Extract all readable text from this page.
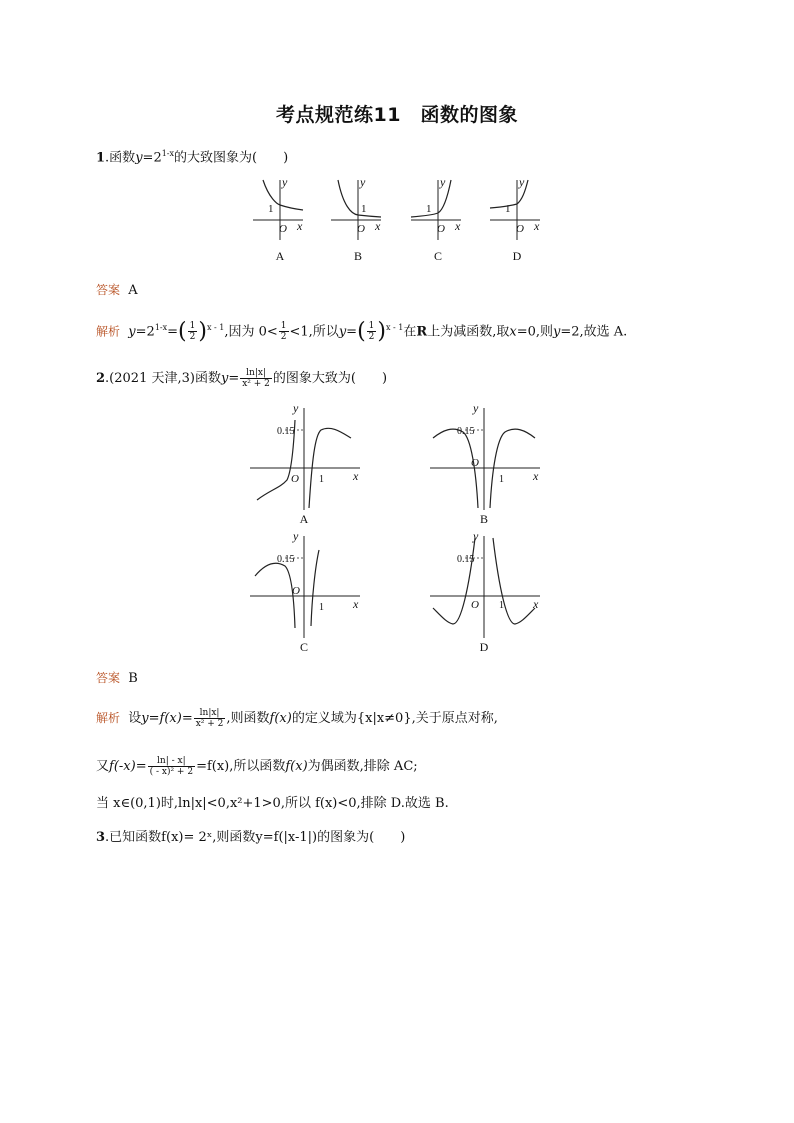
考点规范练11　函数的图象
1.函数$y=2^{1-x}$的大致图象为(　　)
y
x
O
1
A
y
x
O
1
B
y
x
O
1
C
y
x
O
1
D
答案 A
解析 $y=2^{1-x}=( \frac{1}{2} )^{x - 1}$,因为 $0< \frac{1}{2} <1$,所以$y=( \frac{1}{2} )^{x - 1}$在R上为减函数,取x=0,则y=2,故选 A.
2.(2021 天津,3)函数$y= \frac{\ln|x|}{\text{x² + 2}}$ 的图象大致为(　　)
y
x
O
0.15
1
A
y
x
O
0.15
1
B
y
x
O
0.15
1
C
y
x
O
0.15
1
D
答案 B
解析 设$y=f(x)= \frac{\ln|x|}{\text{x² + 2}}$ ,则函数f(x)的定义域为{x|x≠0},关于原点对称,
又$f(-x)= \frac{\ln| - x|}{\text{( - x)² + 2}} =f(x)$,所以函数f(x)为偶函数,排除 AC;
当 x∈(0,1)时,ln|x|<0,x²+1>0,所以 f(x)<0,排除 D.故选 B.
3.已知函数f(x)= 2ˣ,则函数y=f(|x-1|)的图象为(　　)
